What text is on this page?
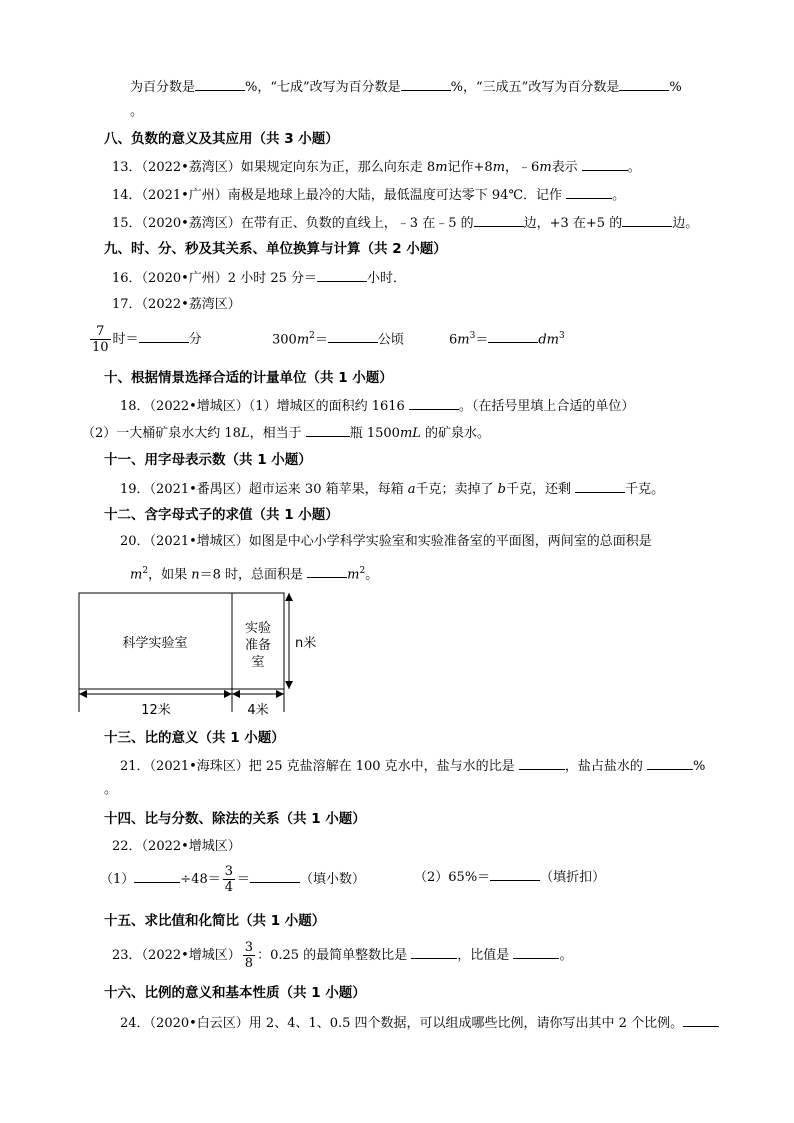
为百分数是	%，“七成”改写为百分数是	%，“三成五”改写为百分数是	%
。
八、负数的意义及其应用（共 3 小题）
13．（2022•荔湾区）如果规定向东为正，那么向东走 8m记作+8m，﹣6m表示	。
14．（2021•广州）南极是地球上最冷的大陆，最低温度可达零下 94℃．记作	。
15．（2020•荔湾区）在带有正、负数的直线上，﹣3 在﹣5 的	边，+3 在+5 的	边。
九、时、分、秒及其关系、单位换算与计算（共 2 小题）
16．（2020•广州）2 小时 25 分＝	小时．
17．（2022•荔湾区）
$\frac{7}{10}$ 时＝	分	$300m^2=$	公顷	$6m^3=$	$dm^3$
十、根据情景选择合适的计量单位（共 1 小题）
18．（2022•增城区）（1）增城区的面积约 1616	。（在括号里填上合适的单位）
（2）一大桶矿泉水大约 18L，相当于	瓶 1500mL 的矿泉水。
十一、用字母表示数（共 1 小题）
19．（2021•番禺区）超市运来 30 箱苹果，每箱 a千克；卖掉了 b千克，还剩	千克。
十二、含字母式子的求值（共 1 小题）
20．（2021•增城区）如图是中心小学科学实验室和实验准备室的平面图，两间室的总面积是
$m^2$，如果 n＝8 时，总面积是	$m^2$。
科学实验室
实验
准备
室
n米
12米	4米
十三、比的意义（共 1 小题）
21．（2021•海珠区）把 25 克盐溶解在 100 克水中，盐与水的比是	，盐占盐水的	%
。
十四、比与分数、除法的关系（共 1 小题）
22．（2022•增城区）
（1）	$\div 48= \frac{3}{4}$ ＝	（填小数）	（2）65%＝	（填折扣）
十五、求比值和化简比（共 1 小题）
23．（2022•增城区） $\frac{3}{8}$ ：0.25 的最简单整数比是	，比值是	。
十六、比例的意义和基本性质（共 1 小题）
24．（2020•白云区）用 2、4、1、0.5 四个数据，可以组成哪些比例，请你写出其中 2 个比例。
